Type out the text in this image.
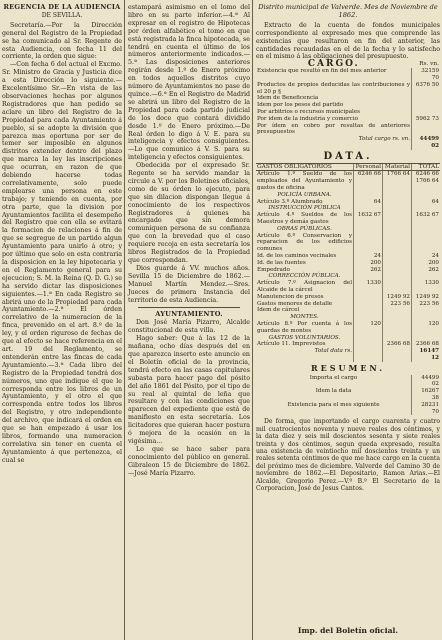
REGENCIA DE LA AUDIENCIA
DE SEVILLA.

Secretaría.—Por la Dirección general del Registro de la Propiedad se ha comunicado al Sr. Regente de esta Audiencia, con fecha 11 del corriente, la orden que sigue:

—Con fecha 6 del actual el Excmo. Sr. Ministro de Gracia y Justicia dice a esta Dirección lo siguiente.—Excelentísimo Sr.—En vista de las observaciones hechas por algunos Registradores que han pedido se aclare un libro del Registro de la Propiedad para cada Ayuntamiento á pueblo, sí se adopte la división que parezca mas oportuna por ser de temer ser imposible en algunos distritos extender dentro del plazo que marca la ley las inscripciones que ocurran, en razon de que debiendo hacerse todas correlativamente, solo puede emplearse una persona en este trabajo; y teniendo en cuenta, por otra parte, que la division por Ayuntamientos facilita el desempeño del Registro que con ella se evitará la formacion de relaciones á fin de que se segregue de un partido algun Ayuntamiento para unirlo á otro; y por último que solo en esta contraria la disposicion en la ley hipotecaria y en el Reglamento general para su ejecucion; S. M. la Reina (Q. D. G.) se ha servido dictar las disposiciones siguientes.—1.ª En cada Registro se abrirá uno de la Propiedad para cada Ayuntamiento.—2.ª El órden correlativo de la numeracion de la finca, prevenido en el art. 8.º de la ley, y el orden riguroso de fechas de que al efecto se hace referencia en el art. 19 del Reglamento, se entenderán entre las fincas de cada Ayuntamiento.—3.ª Cada libro del Registro de la Propiedad tendrá dos números, uno que indique el que le corresponda entre los libros de un Ayuntamiento, y el otro el que corresponda entre todos los libros del Registro, y otro independiente del archivo, que indicará el orden en que se han empezado á usar los libros, formando una numeracion correlativa sin tener en cuenta el Ayuntamiento á que pertenezca, el cual se

estampará asimismo en el lomo del libro en su parte inferior.—4.ª Al expresar en el registro de Hipotecas por órden alfabético el tomo en que está registrada la finca hipotecada, se tendrá en cuenta el último de los números anteriormente indicados.—5.ª Las disposiciones anteriores regirán desde 1.º de Enero próximo en todos aquellos distritos cuyo número de Ayuntamientos no pase de quince.—6.ª En el Registro de Madrid se abrirá un libro del Registro de la Propiedad para cada partido judicial de los doce que contará dividido desde 1.º de Enero próximo.—De Real órden lo digo á V. E. para su inteligencia y efectos consiguientes.—Lo que comunico á V. S. para su inteligencia y efectos consiguientes.

Obedecida por el expresado Sr. Regente se ha servido mandar la circule a V. por los Boletines oficiales, como de su órden lo ejecuto, para que sin dilacion dispongan llegue á conocimiento de los respectivos Registradores á quienes ha encargado que sin demora comuniquen persona de su confianza que con la brevedad que el caso requiere recoja en esta secretaría los libros Registrados de la Propiedad que correspondan.

Dios guarde á VV. muchos años. Sevilla 15 de Diciembre de 1862.—Manuel Martín Mendez.—Sres. Jueces de primera Instancia del territorio de esta Audiencia.

AYUNTAMIENTO.

Don José María Pizarro, Alcalde constitucional de esta villa.

Hago saber: Que á las 12 de la mañana, ocho días después del en que aparezca inserto este anuncio en el Boletín oficial de la provincia, tendrá efecto en las casas capitulares subasta para hacer pago del pósito del año 1861 del Pósito, por el tipo de su real al quintal de leña que resultare y con las condiciones que aparecen del expediente que está de manifiesto en esta secretaría. Los licitadores que quieran hacer postura ó mejora de la ocasión en la vigésima...

Lo que se hace saber para conocimiento del público en general. Gibraleon 15 de Diciembre de 1862.—José María Pizarro.

Distrito municipal de Valverde. Mes de Noviembre de 1862.

Extracto de la cuenta de fondos municipales correspondiente al expresado mes que comprende las existencias que resultaron en fin del anterior, las cantidades recaudadas en el de la fecha y lo satisfecho en el mismo á las obligaciones del presupuesto.

CARGO.	Rs. vn.
Existencia que resultó en fin del mes anterior	32159 70
Productos de propios deducidas las contribuciones y el 20 p §	6376 50
Idem de Beneficencia	
Idem por los pesos del partido	
Por arbitrios o recursos municipales	
Por idem de la industria y comercio	5962 73
Por ídem en cobro por resultas de anteriores presupuestos	
Total cargo rs. vn.	44499 02
DATA.
GASTOS OBLIGATORIOS	Personal	Material	TOTAL
Artículo 1.º Sueldo de los empleados del Ayuntamiento y gastos de oficina	6246 66	1766 64	6246 66
1766 64
POLICÍA URBANA.			
Artículo 3.º Alumbrado	64		64
INSTRUCCIÓN PÚBLICA			
Artículo 4.º Sueldos de los Maestros y demás gastos	1632 67		1632 67
OBRAS PÚBLICAS.			
Artículo 6.º Conservacion y reparacion de los edificios comunes			
Id. de los caminos vecinales	24		24
Id. de las fuentes	200		200
Empedrado	262		262
CORRECCIÓN PÚBLICA.			
Artículo 7.º Asignacion del Alcaide de la cárcel	1330		1330
Manutencion de presos		1249 92	1249 92
Gastos menores de detalle		223 56	223 56
Idem de cárcel			
MONTES.			
Artículo 8.º Por cuenta á los guardas de montes	120		120
GASTOS VOLUNTARIOS.			
Artículo 11. Imprevistos		2366 68	2366 68
Total data rs.			16147 12
RESUMEN.
Importa el cargo	44499 02
Idem la data	16267 38
Existencia para el mes siguiente	28231 70

De forma, que importando el cargo cuarenta y cuatro mil cuatrocientos noventa y nueve reales dos céntimos, y la data diez y seis mil doscientos sesenta y siete reales treinta y dos céntimos, segun queda expresado, resulta una existencia de veintiocho mil doscientos treinta y un reales setenta céntimos de que me hace cargo en la cuenta del próximo mes de diciembre. Valverde del Camino 30 de noviembre de 1862.—El Depositario, Ramon Arias.—El Alcalde, Gregorio Perez.—V.º B.º El Secretario de la Corporacion, José de Jesus Cantos.

Imp. del Boletín oficial.
